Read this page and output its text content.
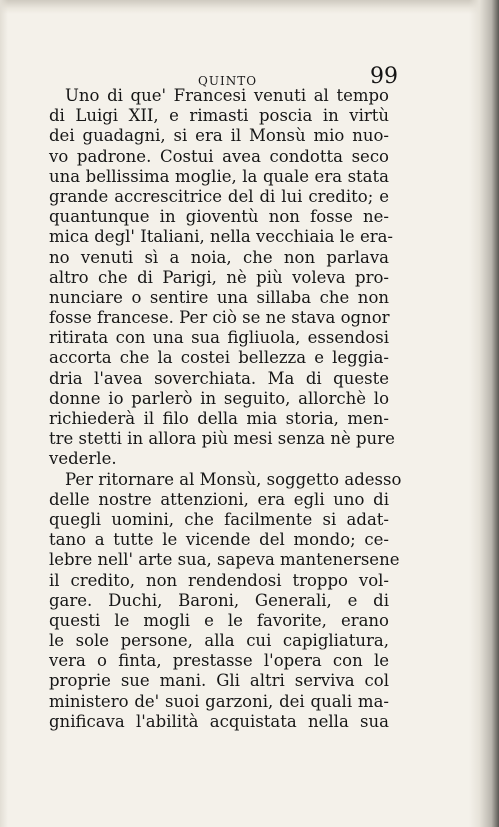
QUINTO	99
Uno di que' Francesi venuti al tempo
di Luigi XII, e rimasti poscia in virtù
dei guadagni, si era il Monsù mio nuo-
vo padrone. Costui avea condotta seco
una bellissima moglie, la quale era stata
grande accrescitrice del di lui credito; e
quantunque in gioventù non fosse ne-
mica degl' Italiani, nella vecchiaia le era-
no venuti sì a noia, che non parlava
altro che di Parigi, nè più voleva pro-
nunciare o sentire una sillaba che non
fosse francese. Per ciò se ne stava ognor
ritirata con una sua figliuola, essendosi
accorta che la costei bellezza e leggia-
dria l'avea soverchiata. Ma di queste
donne io parlerò in seguito, allorchè lo
richiederà il filo della mia storia, men-
tre stetti in allora più mesi senza nè pure
vederle.
Per ritornare al Monsù, soggetto adesso
delle nostre attenzioni, era egli uno di
quegli uomini, che facilmente si adat-
tano a tutte le vicende del mondo; ce-
lebre nell' arte sua, sapeva mantenersene
il credito, non rendendosi troppo vol-
gare. Duchi, Baroni, Generali, e di
questi le mogli e le favorite, erano
le sole persone, alla cui capigliatura,
vera o finta, prestasse l'opera con le
proprie sue mani. Gli altri serviva col
ministero de' suoi garzoni, dei quali ma-
gnificava l'abilità acquistata nella sua
